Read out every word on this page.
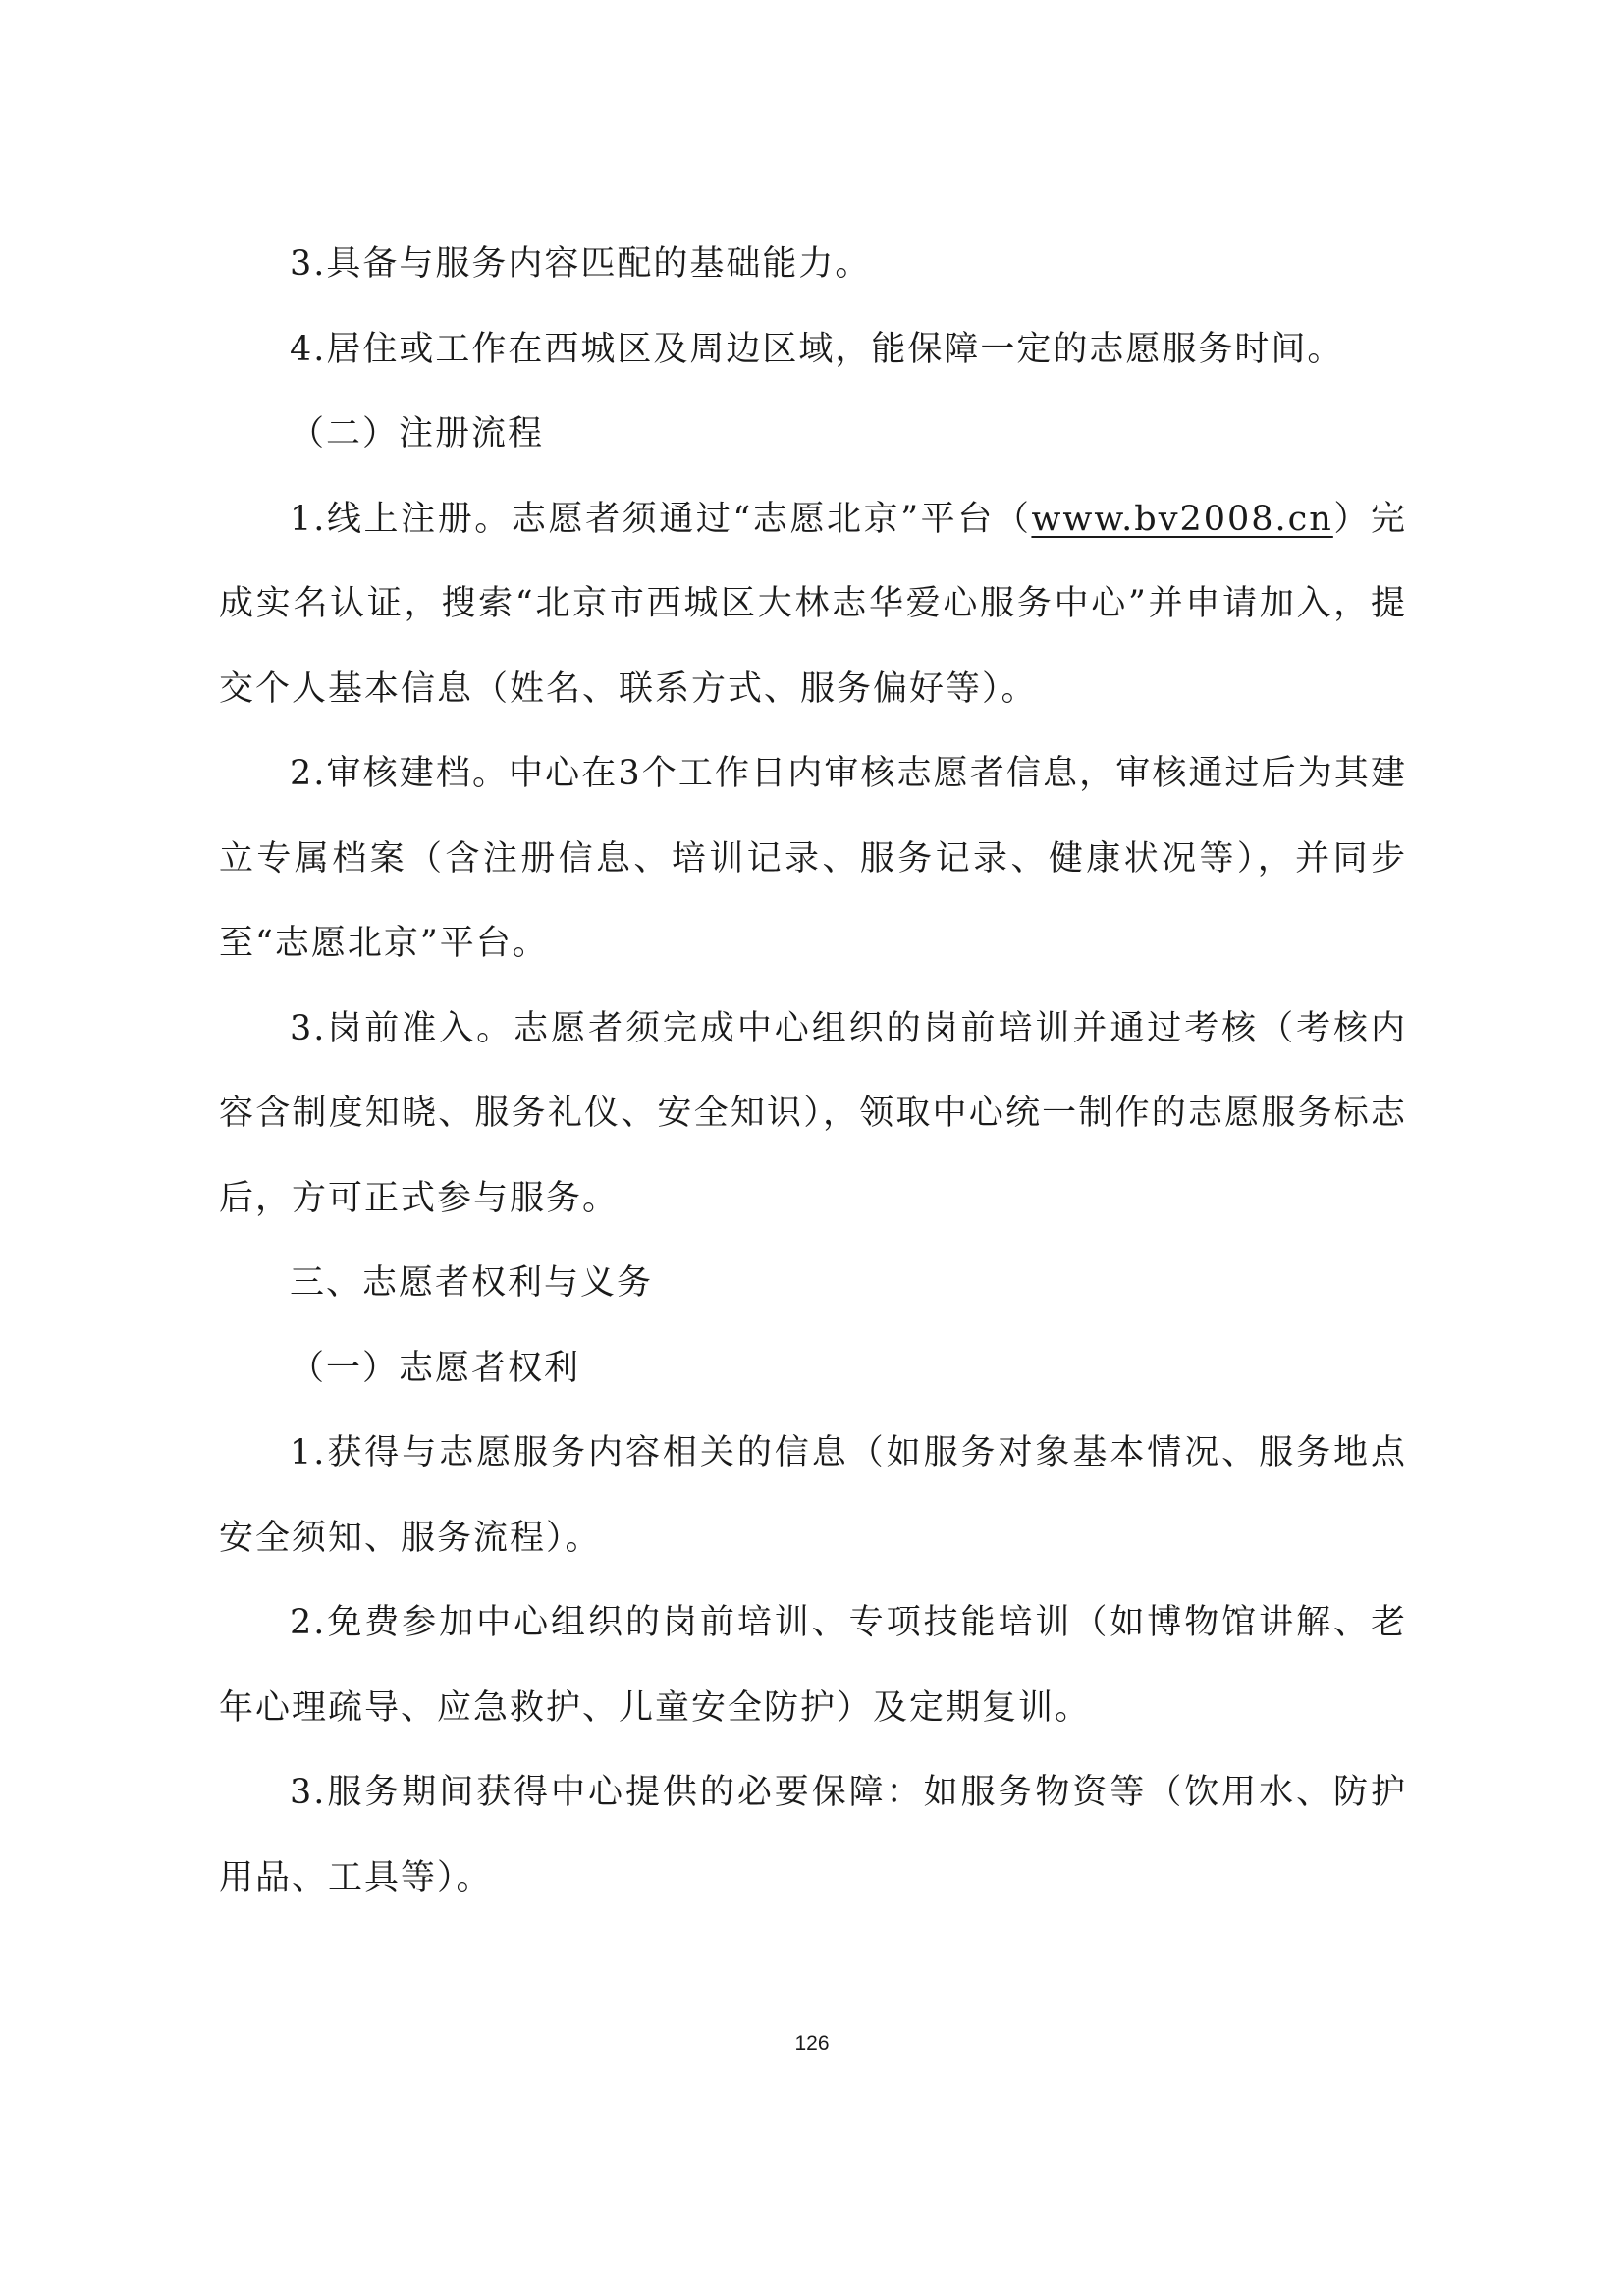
3.具备与服务内容匹配的基础能力。

4.居住或工作在西城区及周边区域，能保障一定的志愿服务时间。

（二）注册流程

1.线上注册。志愿者须通过“志愿北京”平台（www.bv2008.cn）完成实名认证，搜索“北京市西城区大林志华爱心服务中心”并申请加入，提交个人基本信息（姓名、联系方式、服务偏好等）。

2.审核建档。中心在3个工作日内审核志愿者信息，审核通过后为其建立专属档案（含注册信息、培训记录、服务记录、健康状况等），并同步至“志愿北京”平台。

3.岗前准入。志愿者须完成中心组织的岗前培训并通过考核（考核内容含制度知晓、服务礼仪、安全知识），领取中心统一制作的志愿服务标志后，方可正式参与服务。

三、志愿者权利与义务

（一）志愿者权利

1.获得与志愿服务内容相关的信息（如服务对象基本情况、服务地点安全须知、服务流程）。

2.免费参加中心组织的岗前培训、专项技能培训（如博物馆讲解、老年心理疏导、应急救护、儿童安全防护）及定期复训。

3.服务期间获得中心提供的必要保障：如服务物资等（饮用水、防护用品、工具等）。

126
